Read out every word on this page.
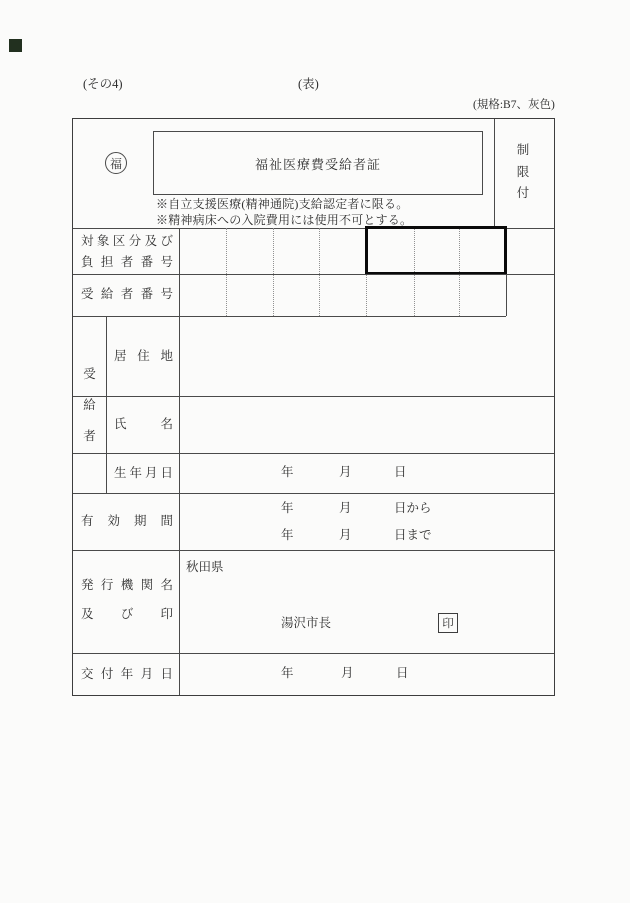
(その4)	(表)
(規格:B7、灰色)
福	福祉医療費受給者証
制
限
付
※自立支援医療(精神通院)支給認定者に限る。
※精神病床への入院費用には使用不可とする。
対 象 区 分 及 び
負 担 者 番 号
受 給 者 番 号
受
給
者
居 住 地
氏	名
生 年 月 日	年	月	日
有 効 期 間
年	月	日から
年	月	日まで
発 行 機 関 名
及 び 印
秋田県
湯沢市長	印
交 付 年 月 日	年	月	日
